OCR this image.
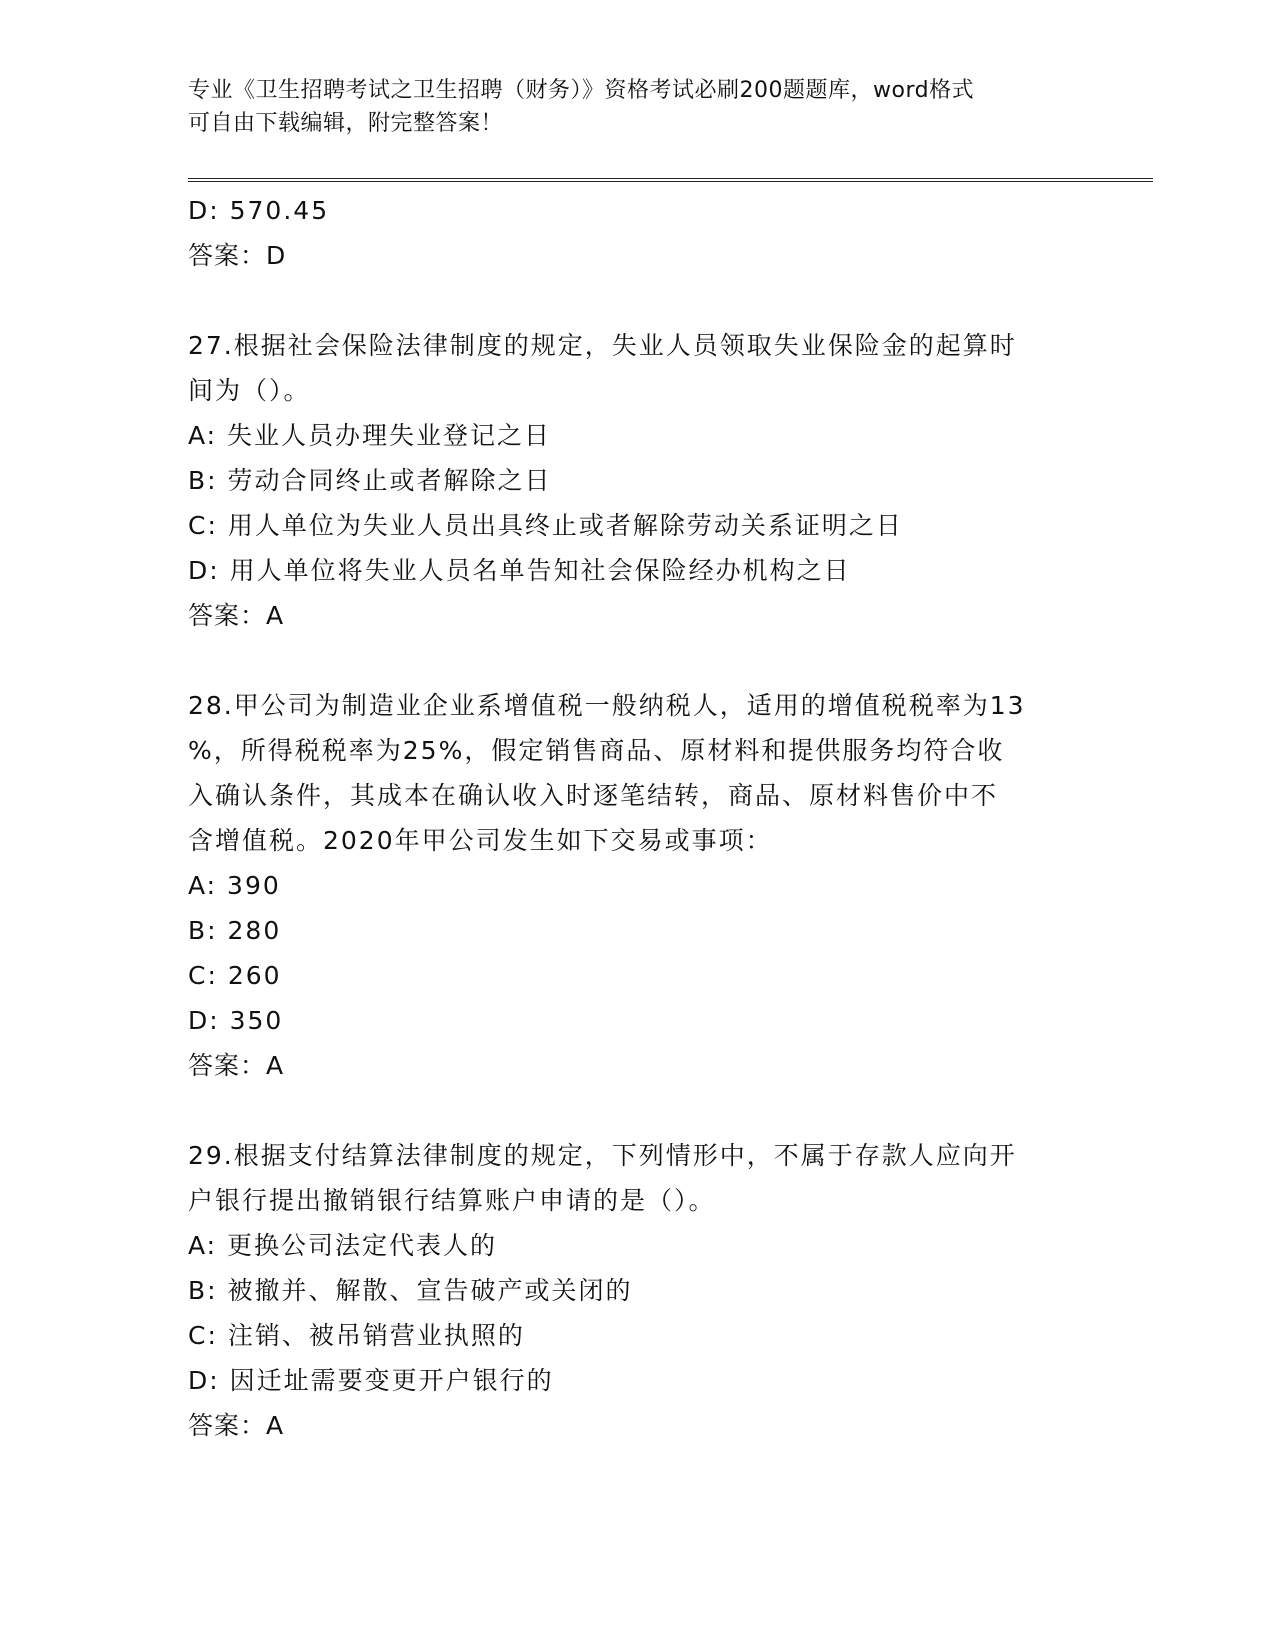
专业《卫生招聘考试之卫生招聘（财务）》资格考试必刷200题题库，word格式
可自由下载编辑，附完整答案！
D: 570.45
答案：D
27.根据社会保险法律制度的规定，失业人员领取失业保险金的起算时
间为（）。
A: 失业人员办理失业登记之日
B: 劳动合同终止或者解除之日
C: 用人单位为失业人员出具终止或者解除劳动关系证明之日
D: 用人单位将失业人员名单告知社会保险经办机构之日
答案：A
28.甲公司为制造业企业系增值税一般纳税人，适用的增值税税率为13
%，所得税税率为25%，假定销售商品、原材料和提供服务均符合收
入确认条件，其成本在确认收入时逐笔结转，商品、原材料售价中不
含增值税。2020年甲公司发生如下交易或事项：
A: 390
B: 280
C: 260
D: 350
答案：A
29.根据支付结算法律制度的规定，下列情形中，不属于存款人应向开
户银行提出撤销银行结算账户申请的是（）。
A: 更换公司法定代表人的
B: 被撤并、解散、宣告破产或关闭的
C: 注销、被吊销营业执照的
D: 因迁址需要变更开户银行的
答案：A
